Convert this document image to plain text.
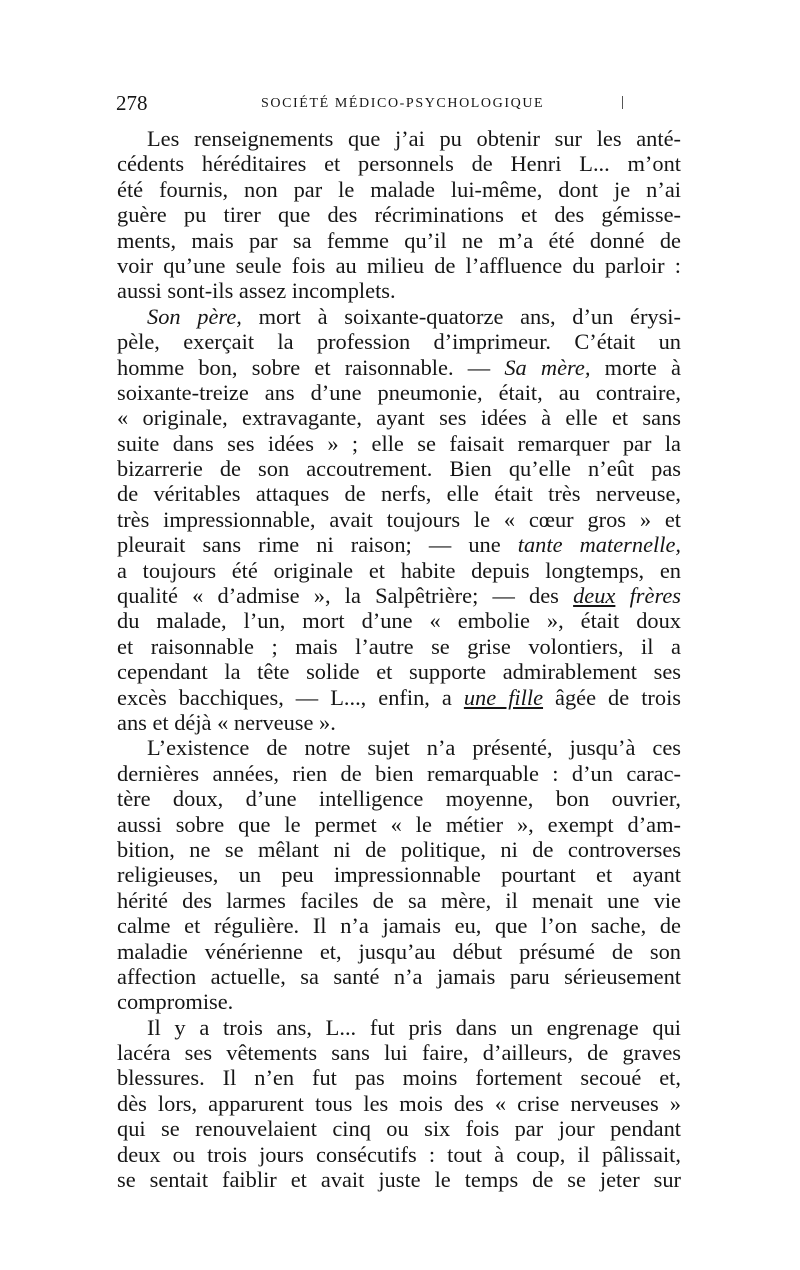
278	SOCIÉTÉ MÉDICO-PSYCHOLOGIQUE	|
Les renseignements que j’ai pu obtenir sur les anté-
cédents héréditaires et personnels de Henri L... m’ont
été fournis, non par le malade lui-même, dont je n’ai
guère pu tirer que des récriminations et des gémisse-
ments, mais par sa femme qu’il ne m’a été donné de
voir qu’une seule fois au milieu de l’affluence du parloir :
aussi sont-ils assez incomplets.
Son père, mort à soixante-quatorze ans, d’un érysi-
pèle, exerçait la profession d’imprimeur. C’était un
homme bon, sobre et raisonnable. — Sa mère, morte à
soixante-treize ans d’une pneumonie, était, au contraire,
« originale, extravagante, ayant ses idées à elle et sans
suite dans ses idées » ; elle se faisait remarquer par la
bizarrerie de son accoutrement. Bien qu’elle n’eût pas
de véritables attaques de nerfs, elle était très nerveuse,
très impressionnable, avait toujours le « cœur gros » et
pleurait sans rime ni raison; — une tante maternelle,
a toujours été originale et habite depuis longtemps, en
qualité « d’admise », la Salpêtrière; — des deux frères
du malade, l’un, mort d’une « embolie », était doux
et raisonnable ; mais l’autre se grise volontiers, il a
cependant la tête solide et supporte admirablement ses
excès bacchiques, — L..., enfin, a une fille âgée de trois
ans et déjà « nerveuse ».
L’existence de notre sujet n’a présenté, jusqu’à ces
dernières années, rien de bien remarquable : d’un carac-
tère doux, d’une intelligence moyenne, bon ouvrier,
aussi sobre que le permet « le métier », exempt d’am-
bition, ne se mêlant ni de politique, ni de controverses
religieuses, un peu impressionnable pourtant et ayant
hérité des larmes faciles de sa mère, il menait une vie
calme et régulière. Il n’a jamais eu, que l’on sache, de
maladie vénérienne et, jusqu’au début présumé de son
affection actuelle, sa santé n’a jamais paru sérieusement
compromise.
Il y a trois ans, L... fut pris dans un engrenage qui
lacéra ses vêtements sans lui faire, d’ailleurs, de graves
blessures. Il n’en fut pas moins fortement secoué et,
dès lors, apparurent tous les mois des « crise nerveuses »
qui se renouvelaient cinq ou six fois par jour pendant
deux ou trois jours consécutifs : tout à coup, il pâlissait,
se sentait faiblir et avait juste le temps de se jeter sur
